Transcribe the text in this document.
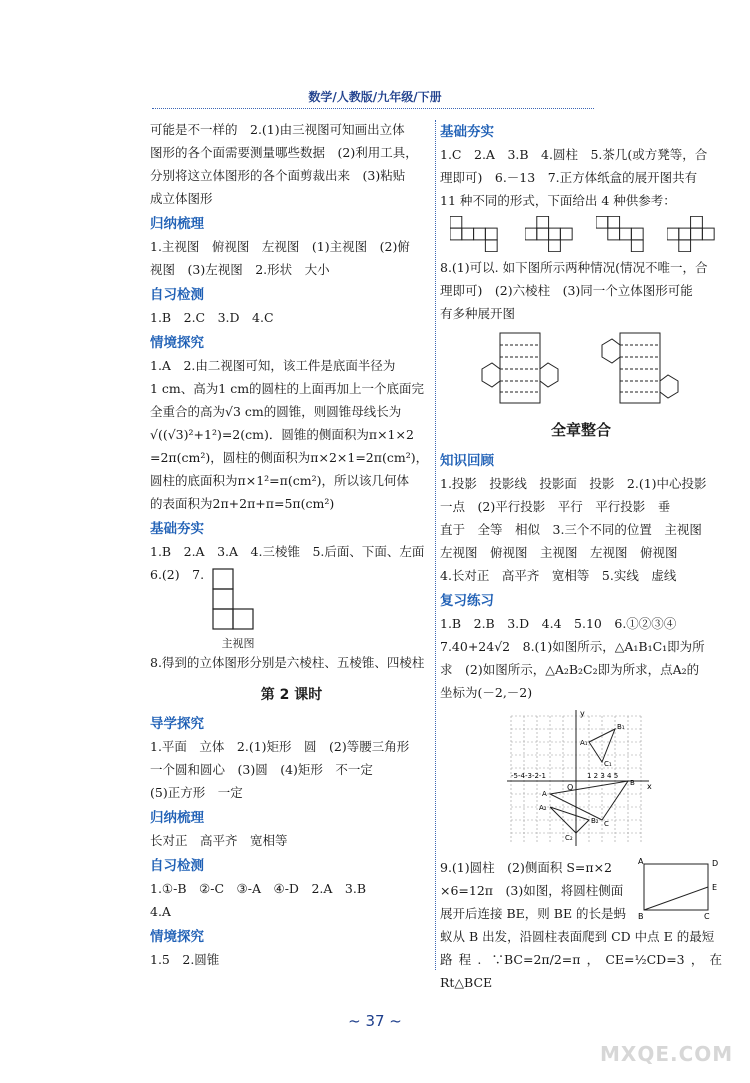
数学/人教版/九年级/下册

可能是不一样的　2.(1)由三视图可知画出立体

图形的各个面需要测量哪些数据　(2)利用工具，

分别将这立体图形的各个面剪裁出来　(3)粘贴

成立体图形

归纳梳理

1.主视图　俯视图　左视图　(1)主视图　(2)俯

视图　(3)左视图　2.形状　大小

自习检测

1.B　2.C　3.D　4.C

情境探究

1.A　2.由二视图可知，该工件是底面半径为

1 cm、高为1 cm的圆柱的上面再加上一个底面完

全重合的高为√3 cm的圆锥，则圆锥母线长为

√((√3)²+1²)=2(cm)．圆锥的侧面积为π×1×2

=2π(cm²)，圆柱的侧面积为π×2×1=2π(cm²)，

圆柱的底面积为π×1²=π(cm²)，所以该几何体

的表面积为2π+2π+π=5π(cm²)

基础夯实

1.B　2.A　3.A　4.三棱锥　5.后面、下面、左面

6.(2)　7.

主视图

8.得到的立体图形分别是六棱柱、五棱锥、四棱柱

第 2 课时
导学探究

1.平面　立体　2.(1)矩形　圆　(2)等腰三角形

一个圆和圆心　(3)圆　(4)矩形　不一定

(5)正方形　一定

归纳梳理

长对正　高平齐　宽相等

自习检测

1.①-B　②-C　③-A　④-D　2.A　3.B

4.A

情境探究

1.5　2.圆锥

基础夯实

1.C　2.A　3.B　4.圆柱　5.茶几(或方凳等，合

理即可)　6.－13　7.正方体纸盒的展开图共有

11 种不同的形式，下面给出 4 种供参考：

8.(1)可以. 如下图所示两种情况(情况不唯一，合

理即可)　(2)六棱柱　(3)同一个立体图形可能

有多种展开图

全章整合
知识回顾

1.投影　投影线　投影面　投影　2.(1)中心投影

一点　(2)平行投影　平行　平行投影　垂

直于　全等　相似　3.三个不同的位置　主视图

左视图　俯视图　主视图　左视图　俯视图

4.长对正　高平齐　宽相等　5.实线　虚线

复习练习

1.B　2.B　3.D　4.4　5.10　6.①②③④

7.40+24√2　8.(1)如图所示，△A₁B₁C₁即为所

求　(2)如图所示，△A₂B₂C₂即为所求，点A₂的

坐标为(－2,－2)

y
x
O
-5-4-3-2-1	1 2 3 4 5
A
B
C
A₁
B₁
C₁
A₂
B₂
C₂

9.(1)圆柱　(2)侧面积 S=π×2

×6=12π　(3)如图，将圆柱侧面

展开后连接 BE，则 BE 的长是蚂

A	D
E
B	C

蚁从 B 出发，沿圆柱表面爬到 CD 中点 E 的最短

路程. ∵BC=2π/2=π，CE=½CD=3，在Rt△BCE

~ 37 ~
MXQE.COM
